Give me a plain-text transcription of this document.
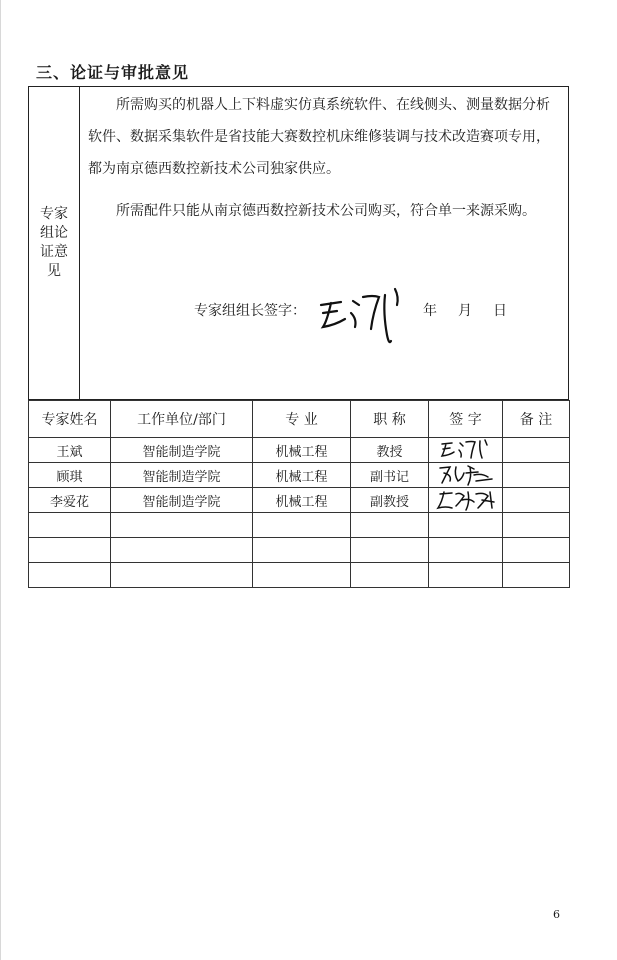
三、论证与审批意见
专家
组论
证意
见
所需购买的机器人上下料虚实仿真系统软件、在线侧头、测量数据分析
软件、数据采集软件是省技能大赛数控机床维修装调与技术改造赛项专用，
都为南京德西数控新技术公司独家供应。
所需配件只能从南京德西数控新技术公司购买，符合单一来源采购。
专家组组长签字：	年 月 日
专家姓名	工作单位/部门	专 业	职 称	签 字	备 注
王斌	智能制造学院	机械工程	教授	

顾琪	智能制造学院	机械工程	副书记	

李爱花	智能制造学院	机械工程	副教授	

6
